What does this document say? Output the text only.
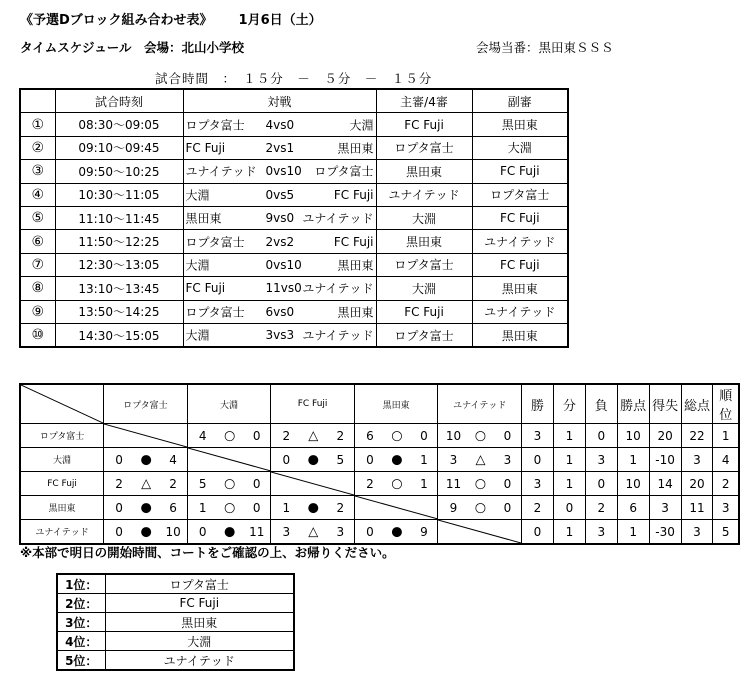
《予選Dブロック組み合わせ表》 1月6日（土）
タイムスケジュール　会場：北山小学校	会場当番：黒田東ＳＳＳ
試合時間　：　１５分　－　５分　－　１５分
	試合時刻	対戦	主審/4審	副審
①	08:30～09:05	ロプタ富士 4vs0 大淵	FC Fuji	黒田東
②	09:10～09:45	FC Fuji 2vs1 黒田東	ロプタ富士	大淵
③	09:50～10:25	ユナイテッド 0vs10 ロプタ富士	黒田東	FC Fuji
④	10:30～11:05	大淵 0vs5 FC Fuji	ユナイテッド	ロプタ富士
⑤	11:10～11:45	黒田東 9vs0 ユナイテッド	大淵	FC Fuji
⑥	11:50～12:25	ロプタ富士 2vs2 FC Fuji	黒田東	ユナイテッド
⑦	12:30～13:05	大淵 0vs10 黒田東	ロプタ富士	FC Fuji
⑧	13:10～13:45	FC Fuji 11vs0 ユナイテッド	大淵	黒田東
⑨	13:50～14:25	ロプタ富士 6vs0 黒田東	FC Fuji	ユナイテッド
⑩	14:30～15:05	大淵 3vs3 ユナイテッド	ロプタ富士	黒田東
	ロプタ富士	大淵	FC Fuji	黒田東	ユナイテッド	勝	分	負	勝点	得失	総点	順位
ロプタ富士		4 ○ 0	2 △ 2	6 ○ 0	10 ○ 0	3	1	0	10	20	22	1
大淵	0 ● 4		0 ● 5	0 ● 1	3 △ 3	0	1	3	1	-10	3	4
FC Fuji	2 △ 2	5 ○ 0		2 ○ 1	11 ○ 0	3	1	0	10	14	20	2
黒田東	0 ● 6	1 ○ 0	1 ● 2		9 ○ 0	2	0	2	6	3	11	3
ユナイテッド	0 ● 10	0 ● 11	3 △ 3	0 ● 9		0	1	3	1	-30	3	5
※本部で明日の開始時間、コートをご確認の上、お帰りください。
1位：	ロプタ富士
2位：	FC Fuji
3位：	黒田東
4位：	大淵
5位：	ユナイテッド
